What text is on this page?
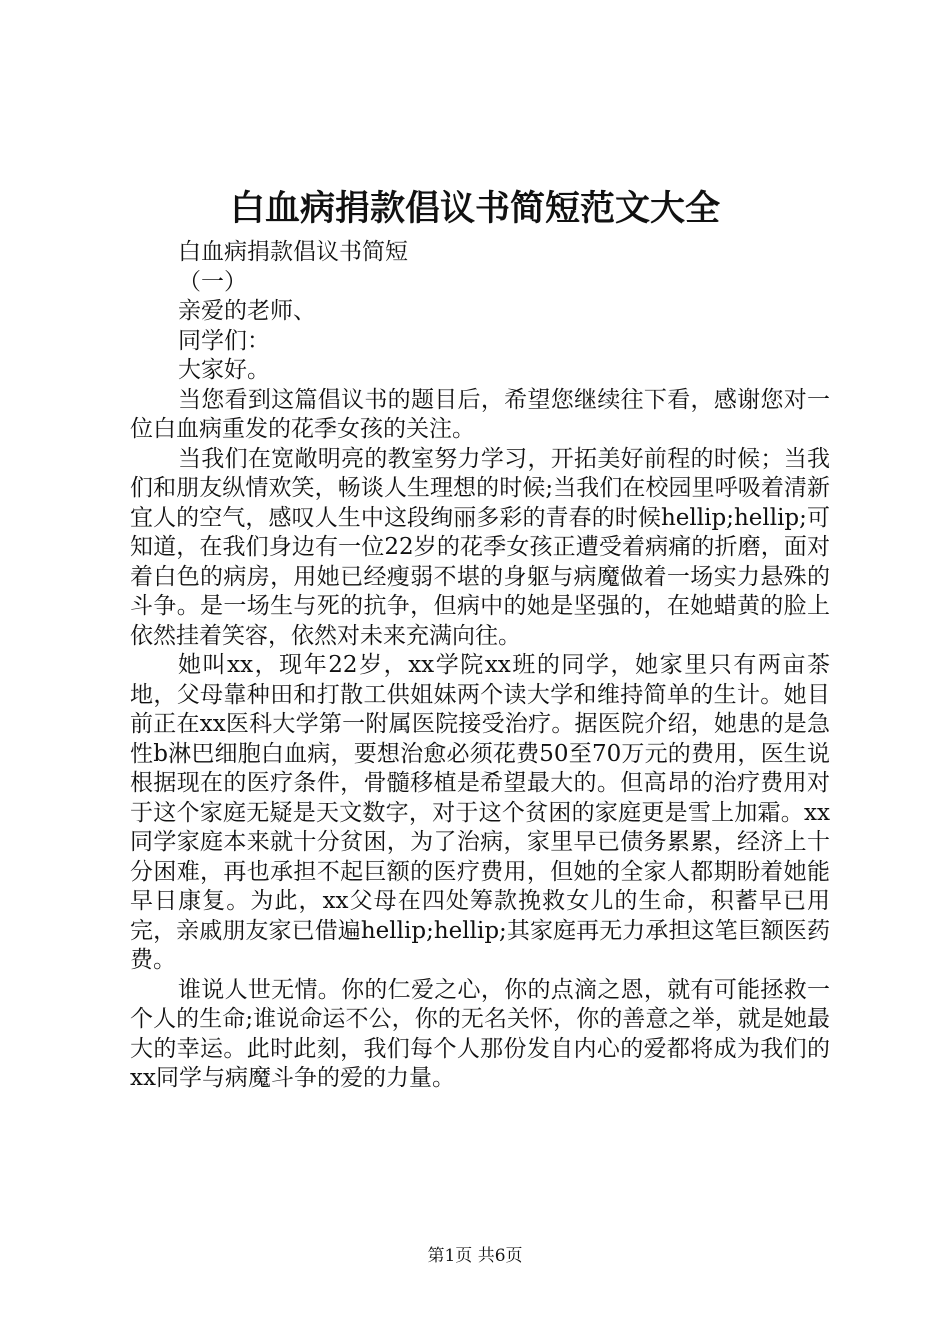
白血病捐款倡议书简短范文大全

白血病捐款倡议书简短

（一）

亲爱的老师、

同学们：

大家好。

当您看到这篇倡议书的题目后，希望您继续往下看，感谢您对一位白血病重发的花季女孩的关注。

当我们在宽敞明亮的教室努力学习，开拓美好前程的时候；当我们和朋友纵情欢笑，畅谈人生理想的时候;当我们在校园里呼吸着清新宜人的空气，感叹人生中这段绚丽多彩的青春的时候hellip;hellip;可知道，在我们身边有一位22岁的花季女孩正遭受着病痛的折磨，面对着白色的病房，用她已经瘦弱不堪的身躯与病魔做着一场实力悬殊的斗争。是一场生与死的抗争，但病中的她是坚强的，在她蜡黄的脸上依然挂着笑容，依然对未来充满向往。

她叫xx，现年22岁，xx学院xx班的同学，她家里只有两亩茶地，父母靠种田和打散工供姐妹两个读大学和维持简单的生计。她目前正在xx医科大学第一附属医院接受治疗。据医院介绍，她患的是急性b淋巴细胞白血病，要想治愈必须花费50至70万元的费用，医生说根据现在的医疗条件，骨髓移植是希望最大的。但高昂的治疗费用对于这个家庭无疑是天文数字，对于这个贫困的家庭更是雪上加霜。xx同学家庭本来就十分贫困，为了治病，家里早已债务累累，经济上十分困难，再也承担不起巨额的医疗费用，但她的全家人都期盼着她能早日康复。为此，xx父母在四处筹款挽救女儿的生命，积蓄早已用完，亲戚朋友家已借遍hellip;hellip;其家庭再无力承担这笔巨额医药费。

谁说人世无情。你的仁爱之心，你的点滴之恩，就有可能拯救一个人的生命;谁说命运不公，你的无名关怀，你的善意之举，就是她最大的幸运。此时此刻，我们每个人那份发自内心的爱都将成为我们的xx同学与病魔斗争的爱的力量。

第1页 共6页
